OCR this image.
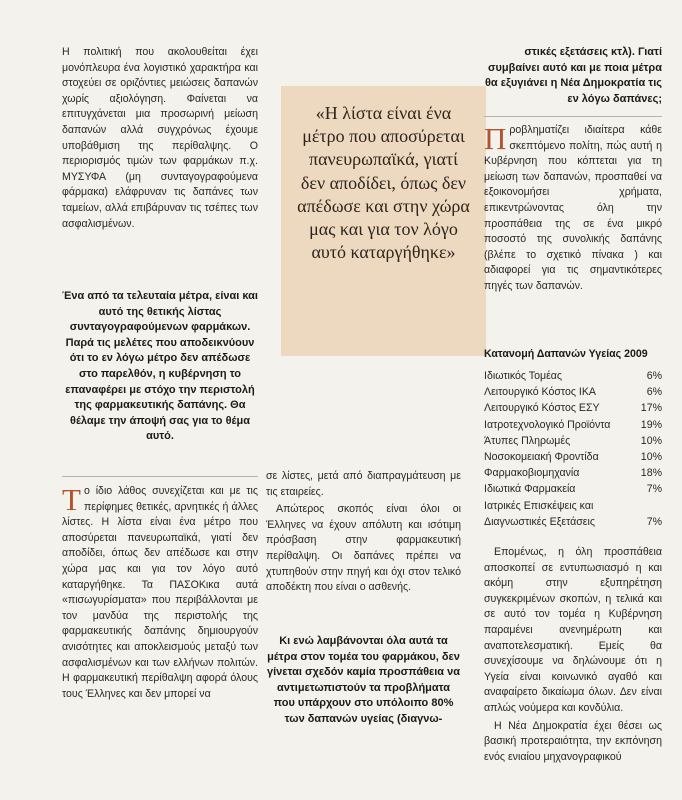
Η πολιτική που ακολουθείται έχει μονόπλευρα ένα λογιστικό χαρακτήρα και στοχεύει σε οριζόντιες μειώσεις δαπανών χωρίς αξιολόγηση. Φαίνεται να επιτυγχάνεται μια προσωρινή μείωση δαπανών αλλά συγχρόνως έχουμε υποβάθμιση της περίθαλψης. Ο περιορισμός τιμών των φαρμάκων π.χ. ΜΥΣΥΦΑ (μη συνταγογραφούμενα φάρμακα) ελάφρυναν τις δαπάνες των ταμείων, αλλά επιβάρυναν τις τσέπες των ασφαλισμένων.

Ένα από τα τελευταία μέτρα, είναι και αυτό της θετικής λίστας συνταγογραφούμενων φαρμάκων. Παρά τις μελέτες που αποδεικνύουν ότι το εν λόγω μέτρο δεν απέδωσε στο παρελθόν, η κυβέρνηση το επαναφέρει με στόχο την περιστολή της φαρμακευτικής δαπάνης. Θα θέλαμε την άποψή σας για το θέμα αυτό.

Το ίδιο λάθος συνεχίζεται και με τις περίφημες θετικές, αρνητικές ή άλλες λίστες. Η λίστα είναι ένα μέτρο που αποσύρεται πανευρωπαϊκά, γιατί δεν αποδίδει, όπως δεν απέδωσε και στην χώρα μας και για τον λόγο αυτό καταργήθηκε. Τα ΠΑΣΟΚικα αυτά «πισωγυρίσματα» που περιβάλλονται με τον μανδύα της περιστολής της φαρμακευτικής δαπάνης δημιουργούν ανισότητες και αποκλεισμούς μεταξύ των ασφαλισμένων και των ελλήνων πολιτών. Η φαρμακευτική περίθαλψη αφορά όλους τους Έλληνες και δεν μπορεί να

«Η λίστα είναι ένα μέτρο που αποσύρεται πανευρωπαϊκά, γιατί δεν αποδίδει, όπως δεν απέδωσε και στην χώρα μας και για τον λόγο αυτό καταργήθηκε»

σε λίστες, μετά από διαπραγμάτευση με τις εταιρείες.

Απώτερος σκοπός είναι όλοι οι Έλληνες να έχουν απόλυτη και ισότιμη πρόσβαση στην φαρμακευτική περίθαλψη. Οι δαπάνες πρέπει να χτυπηθούν στην πηγή και όχι στον τελικό αποδέκτη που είναι ο ασθενής.

Κι ενώ λαμβάνονται όλα αυτά τα μέτρα στον τομέα του φαρμάκου, δεν γίνεται σχεδόν καμία προσπάθεια να αντιμετωπιστούν τα προβλήματα που υπάρχουν στο υπόλοιπο 80% των δαπανών υγείας (διαγνω-

στικές εξετάσεις κτλ). Γιατί συμβαίνει αυτό και με ποια μέτρα θα εξυγιάνει η Νέα Δημοκρατία τις εν λόγω δαπάνες;

Προβληματίζει ιδιαίτερα κάθε σκεπτόμενο πολίτη, πώς αυτή η Κυβέρνηση που κόπτεται για τη μείωση των δαπανών, προσπαθεί να εξοικονομήσει χρήματα, επικεντρώνοντας όλη την προσπάθεια της σε ένα μικρό ποσοστό της συνολικής δαπάνης (βλέπε το σχετικό πίνακα ) και αδιαφορεί για τις σημαντικότερες πηγές των δαπανών.

Κατανομή Δαπανών Υγείας 2009
Ιδιωτικός Τομέας	6%
Λειτουργικό Κόστος ΙΚΑ	6%
Λειτουργικό Κόστος ΕΣΥ	17%
Ιατροτεχνολογικό Προϊόντα	19%
Άτυπες Πληρωμές	10%
Νοσοκομειακή Φροντίδα	10%
Φαρμακοβιομηχανία	18%
Ιδιωτικά Φαρμακεία	7%
Ιατρικές Επισκέψεις και
Διαγνωστικές Εξετάσεις	7%

Επομένως, η όλη προσπάθεια αποσκοπεί σε εντυπωσιασμό η και ακόμη στην εξυπηρέτηση συγκεκριμένων σκοπών, η τελικά και σε αυτό τον τομέα η Κυβέρνηση παραμένει ανενημέρωτη και αναποτελεσματική. Εμείς θα συνεχίσουμε να δηλώνουμε ότι η Υγεία είναι κοινωνικό αγαθό και αναφαίρετο δικαίωμα όλων. Δεν είναι απλώς νούμερα και κονδύλια.

Η Νέα Δημοκρατία έχει θέσει ως βασική προτεραιότητα, την εκπόνηση ενός ενιαίου μηχανογραφικού
